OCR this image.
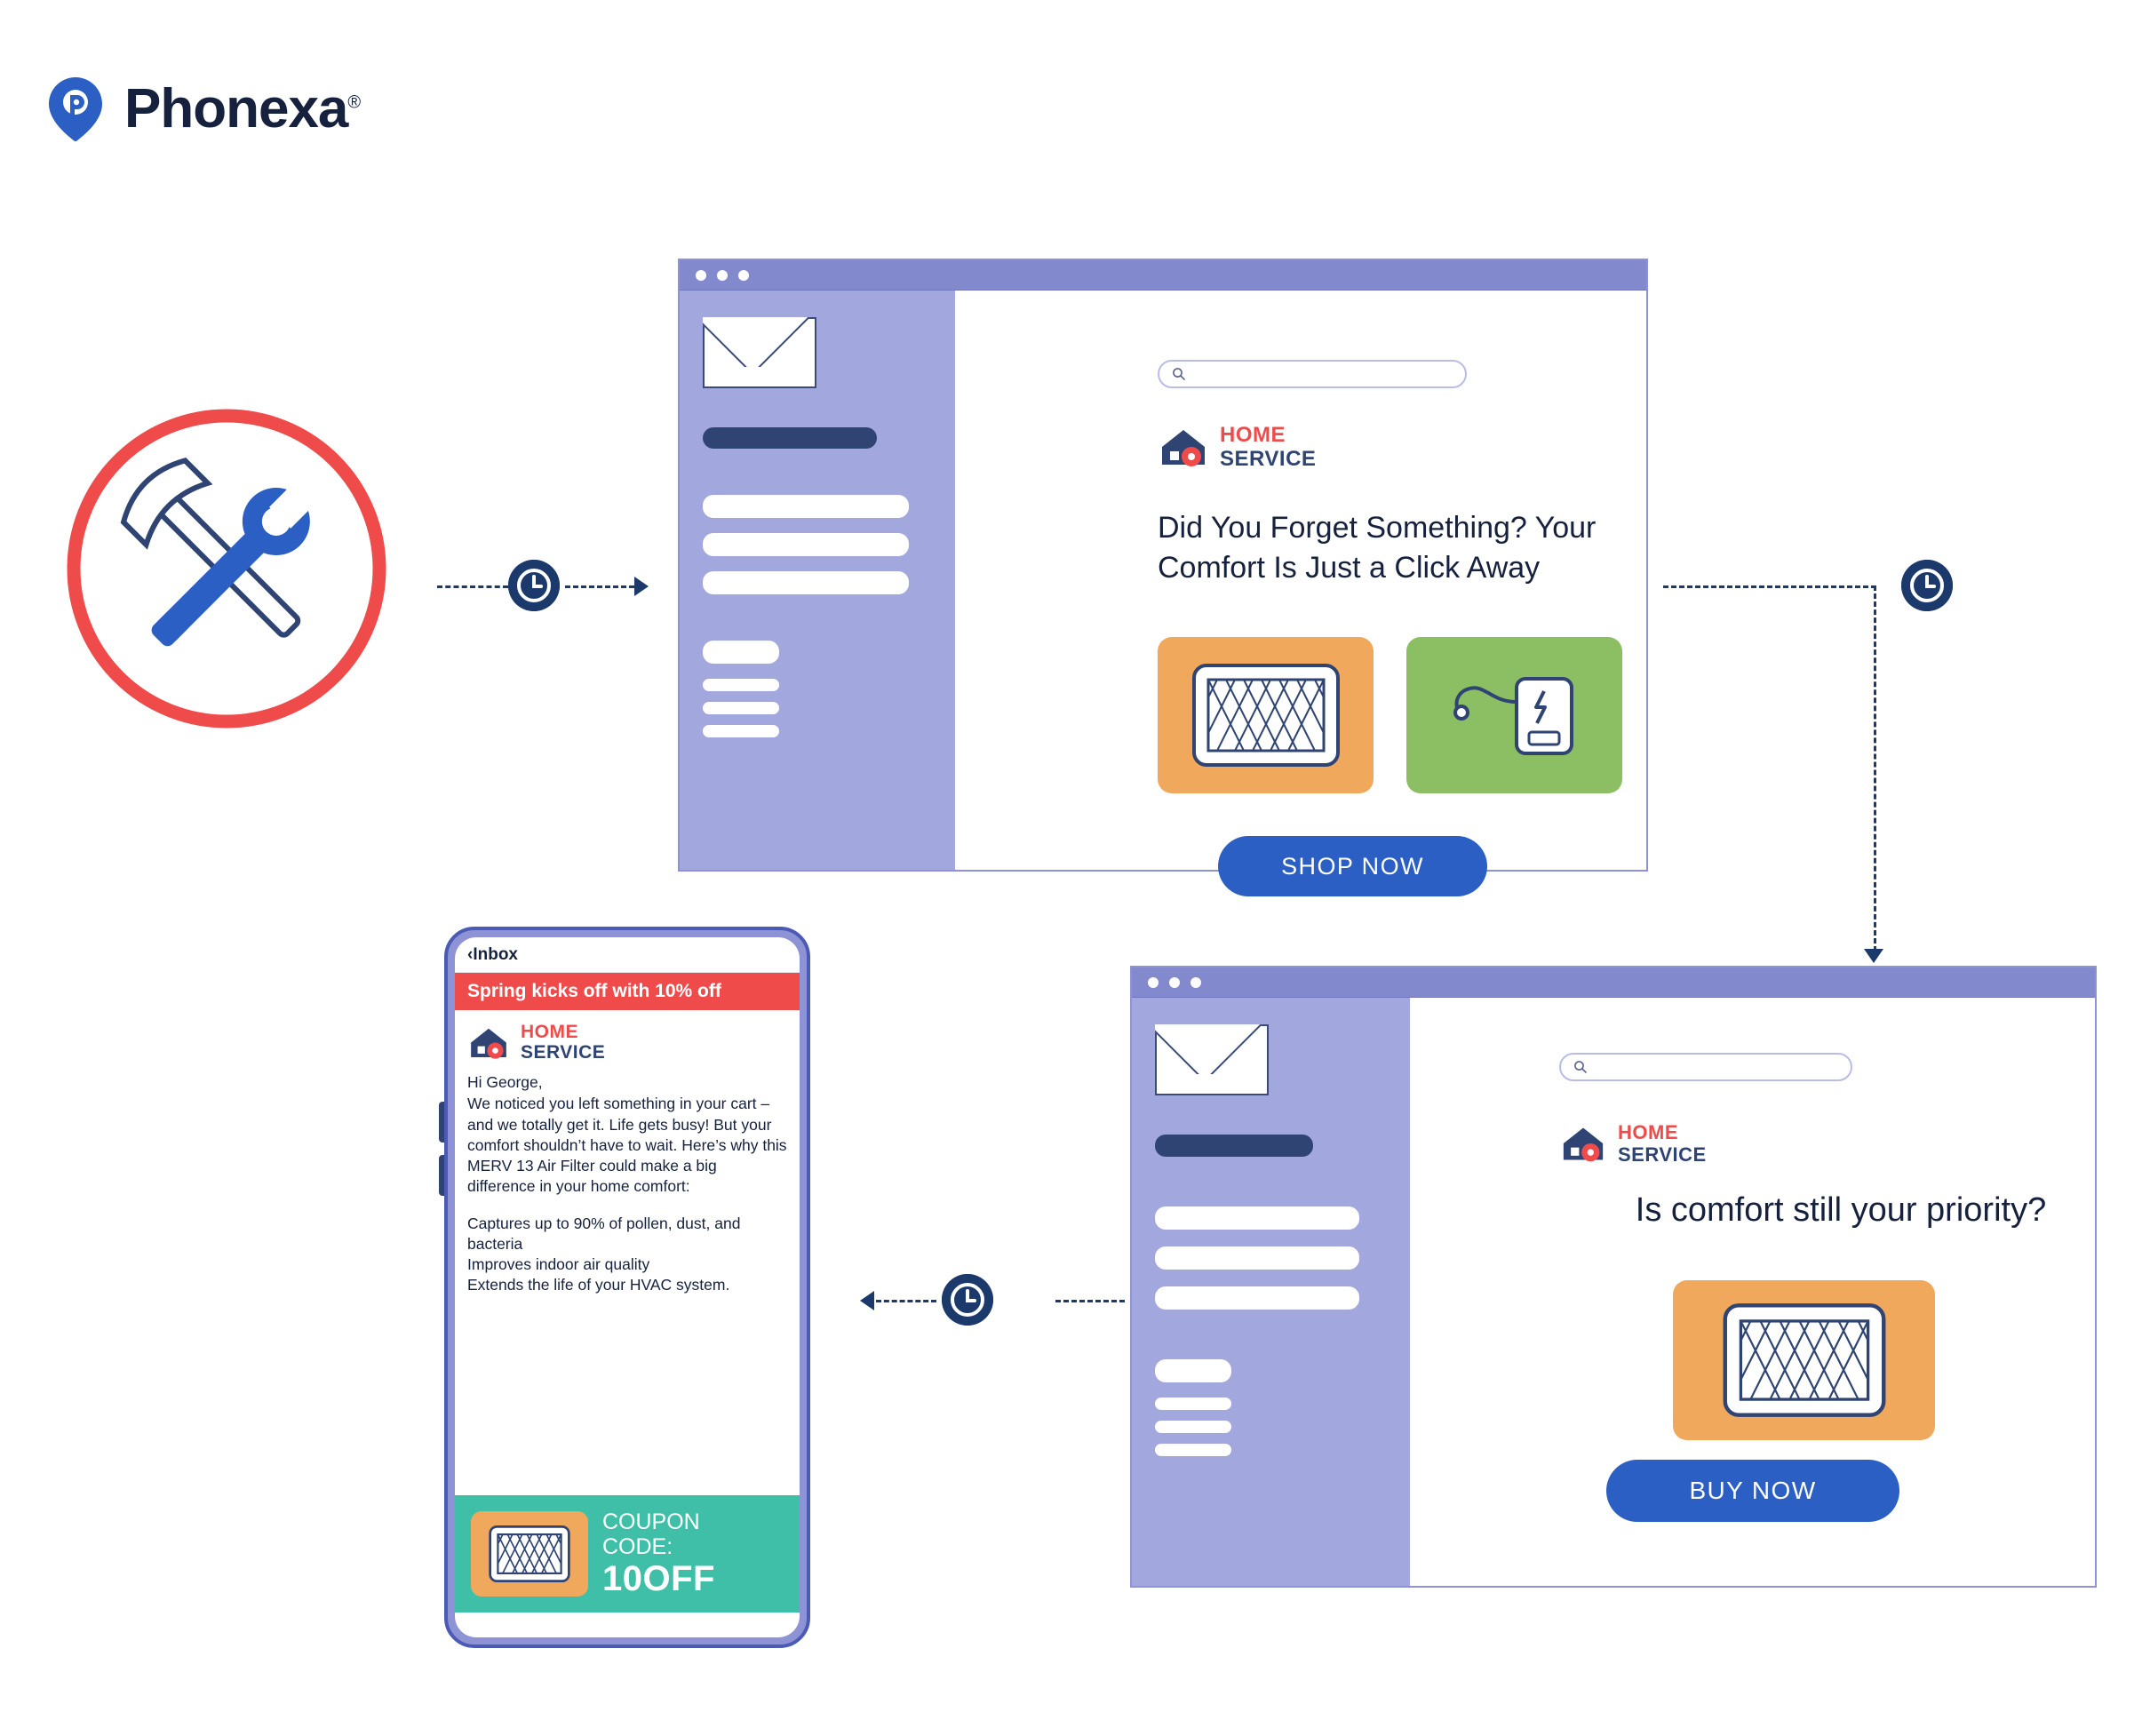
Phonexa®
HOME
SERVICE
Did You Forget Something? Your Comfort Is Just a Click Away
SHOP NOW
HOME
SERVICE
Is comfort still your priority?
BUY NOW
‹Inbox
Spring kicks off with 10% off
HOME
SERVICE
Hi George,
We noticed you left something in your cart – and we totally get it. Life gets busy! But your comfort shouldn’t have to wait. Here’s why this MERV 13 Air Filter could make a big difference in your home comfort:
Captures up to 90% of pollen, dust, and bacteria
Improves indoor air quality
Extends the life of your HVAC system.
COUPON
CODE:
10OFF
